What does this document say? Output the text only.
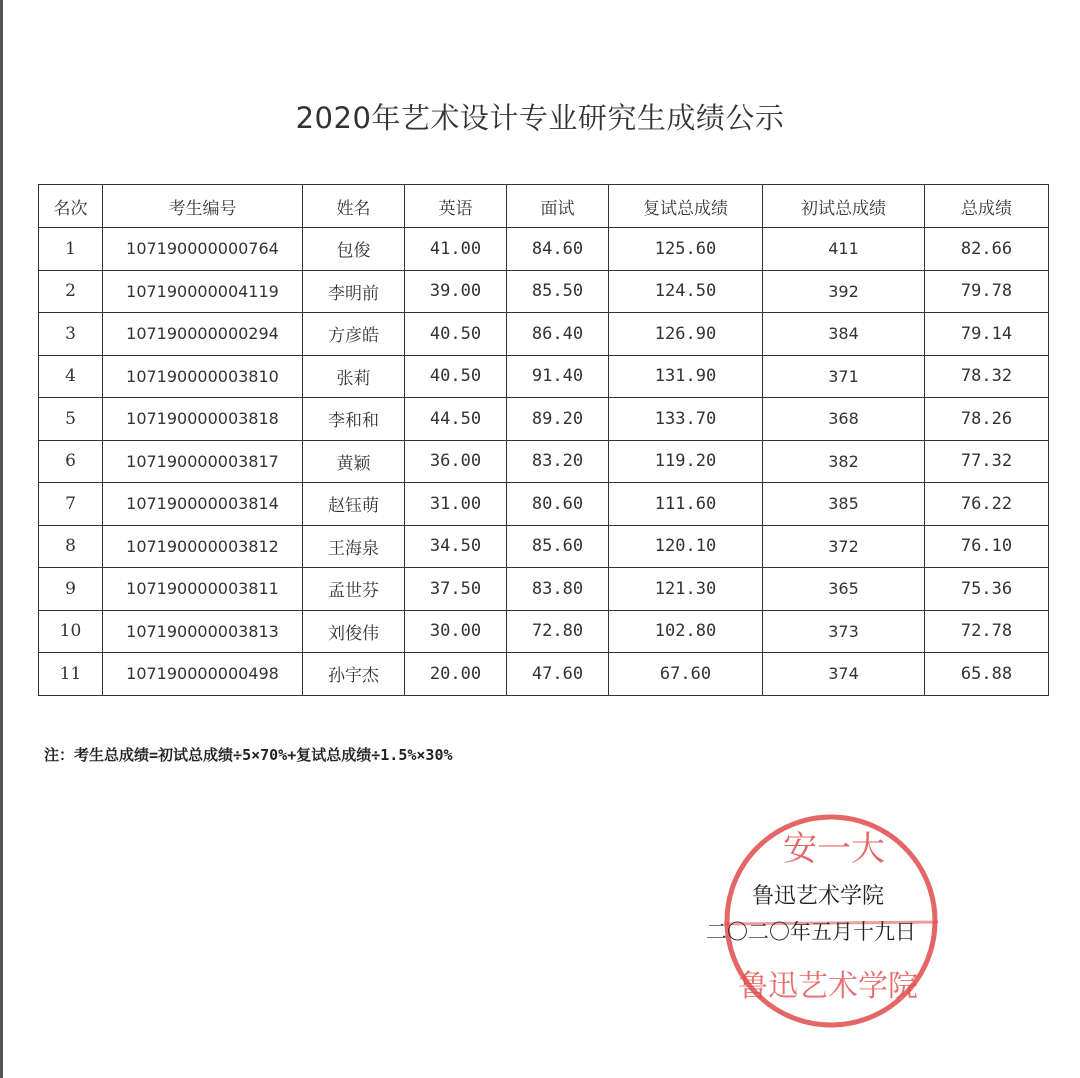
2020年艺术设计专业研究生成绩公示
名次	考生编号	姓名	英语	面试	复试总成绩	初试总成绩	总成绩
1	107190000000764	包俊	41.00	84.60	125.60	411	82.66
2	107190000004119	李明前	39.00	85.50	124.50	392	79.78
3	107190000000294	方彦皓	40.50	86.40	126.90	384	79.14
4	107190000003810	张莉	40.50	91.40	131.90	371	78.32
5	107190000003818	李和和	44.50	89.20	133.70	368	78.26
6	107190000003817	黄颖	36.00	83.20	119.20	382	77.32
7	107190000003814	赵钰萌	31.00	80.60	111.60	385	76.22
8	107190000003812	王海泉	34.50	85.60	120.10	372	76.10
9	107190000003811	孟世芬	37.50	83.80	121.30	365	75.36
10	107190000003813	刘俊伟	30.00	72.80	102.80	373	72.78
11	107190000000498	孙宇杰	20.00	47.60	67.60	374	65.88
注：考生总成绩=初试总成绩÷5×70%+复试总成绩÷1.5%×30%
安一大
鲁迅艺术学院
鲁迅艺术学院
二〇二〇年五月十九日
